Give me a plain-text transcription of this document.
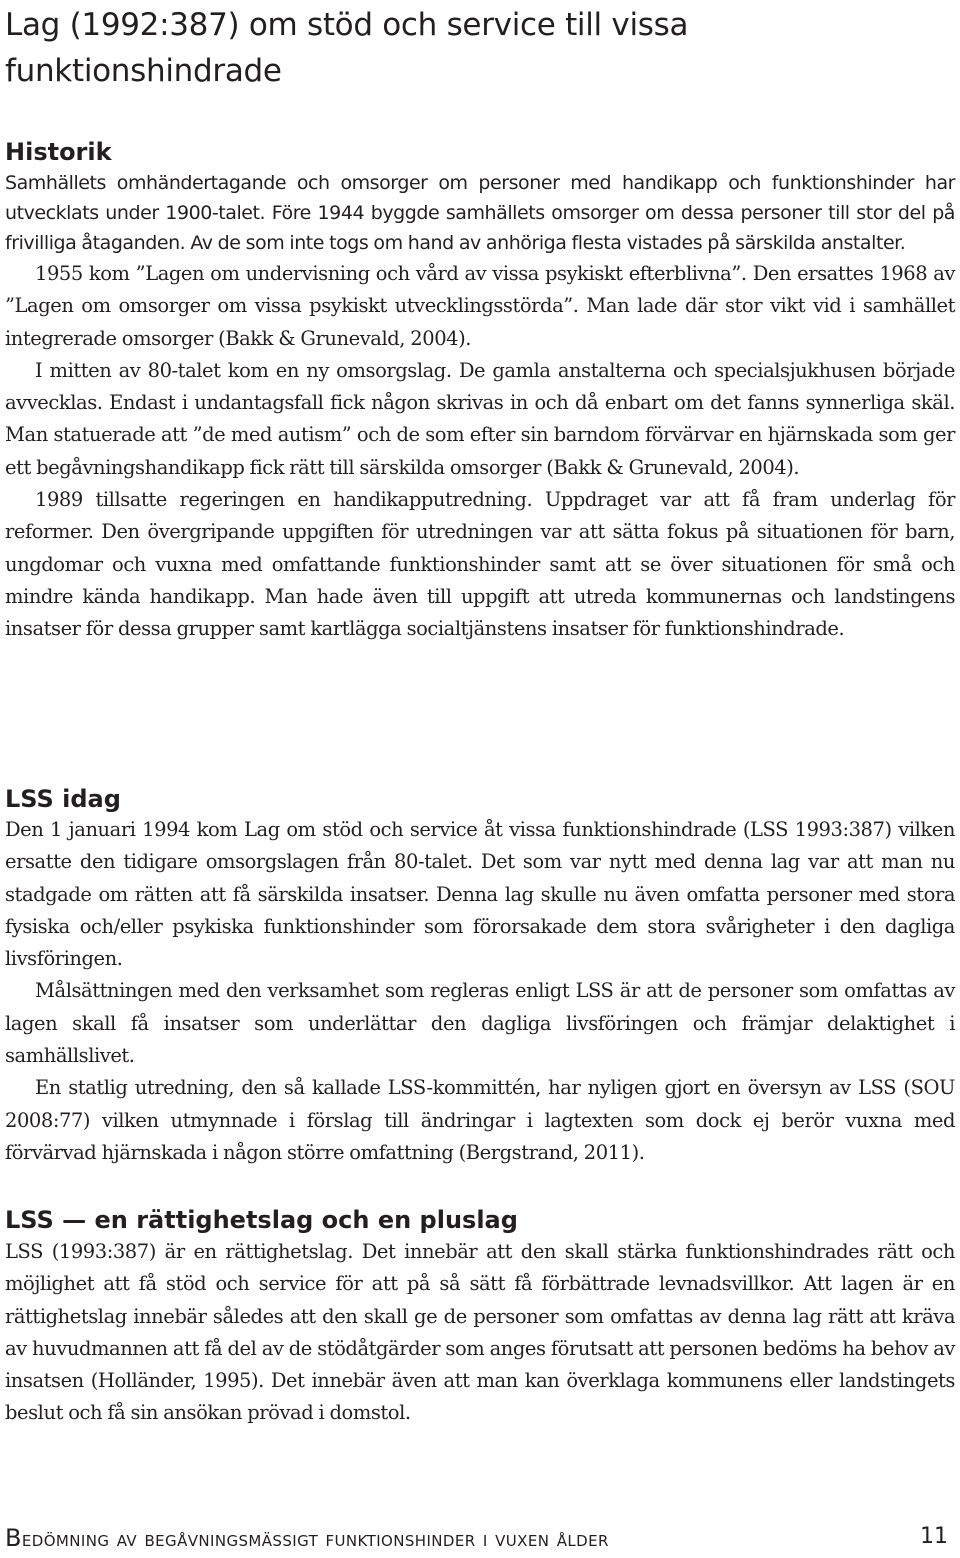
Lag (1992:387) om stöd och service till vissa funktionshindrade
Historik

Samhällets omhändertagande och omsorger om personer med handikapp och funktionshinder har utvecklats under 1900-talet. Före 1944 byggde samhällets omsorger om dessa personer till stor del på frivilliga åtaganden. Av de som inte togs om hand av anhöriga flesta vistades på särskilda anstalter.

1955 kom ”Lagen om undervisning och vård av vissa psykiskt efterblivna”. Den ersattes 1968 av ”Lagen om omsorger om vissa psykiskt utvecklingsstörda”. Man lade där stor vikt vid i samhället integrerade omsorger (Bakk & Grunevald, 2004).

I mitten av 80-talet kom en ny omsorgslag. De gamla anstalterna och specialsjukhusen började avvecklas. Endast i undantagsfall fick någon skrivas in och då enbart om det fanns synnerliga skäl. Man statuerade att ”de med autism” och de som efter sin barndom förvärvar en hjärnskada som ger ett begåvningshandikapp fick rätt till särskilda omsorger (Bakk & Grunevald, 2004).

1989 tillsatte regeringen en handikapputredning. Uppdraget var att få fram underlag för reformer. Den övergripande uppgiften för utredningen var att sätta fokus på situationen för barn, ungdomar och vuxna med omfattande funktionshinder samt att se över situationen för små och mindre kända handikapp. Man hade även till uppgift att utreda kommunernas och landstingens insatser för dessa grupper samt kartlägga socialtjänstens insatser för funktionshindrade.

LSS idag

Den 1 januari 1994 kom Lag om stöd och service åt vissa funktionshindrade (LSS 1993:387) vilken ersatte den tidigare omsorgslagen från 80-talet. Det som var nytt med denna lag var att man nu stadgade om rätten att få särskilda insatser. Denna lag skulle nu även omfatta personer med stora fysiska och/eller psykiska funktionshinder som förorsakade dem stora svårigheter i den dagliga livsföringen.

Målsättningen med den verksamhet som regleras enligt LSS är att de personer som omfattas av lagen skall få insatser som underlättar den dagliga livsföringen och främjar delaktighet i samhällslivet.

En statlig utredning, den så kallade LSS-kommittén, har nyligen gjort en översyn av LSS (SOU 2008:77) vilken utmynnade i förslag till ändringar i lagtexten som dock ej berör vuxna med förvärvad hjärnskada i någon större omfattning (Bergstrand, 2011).

LSS — en rättighetslag och en pluslag

LSS (1993:387) är en rättighetslag. Det innebär att den skall stärka funktionshindrades rätt och möjlighet att få stöd och service för att på så sätt få förbättrade levnadsvillkor. Att lagen är en rättighetslag innebär således att den skall ge de personer som omfattas av denna lag rätt att kräva av huvudmannen att få del av de stödåtgärder som anges förutsatt att personen bedöms ha behov av insatsen (Holländer, 1995). Det innebär även att man kan överklaga kommunens eller landstingets beslut och få sin ansökan prövad i domstol.

Bedömning av begåvningsmässigt funktionshinder i vuxen ålder	11
